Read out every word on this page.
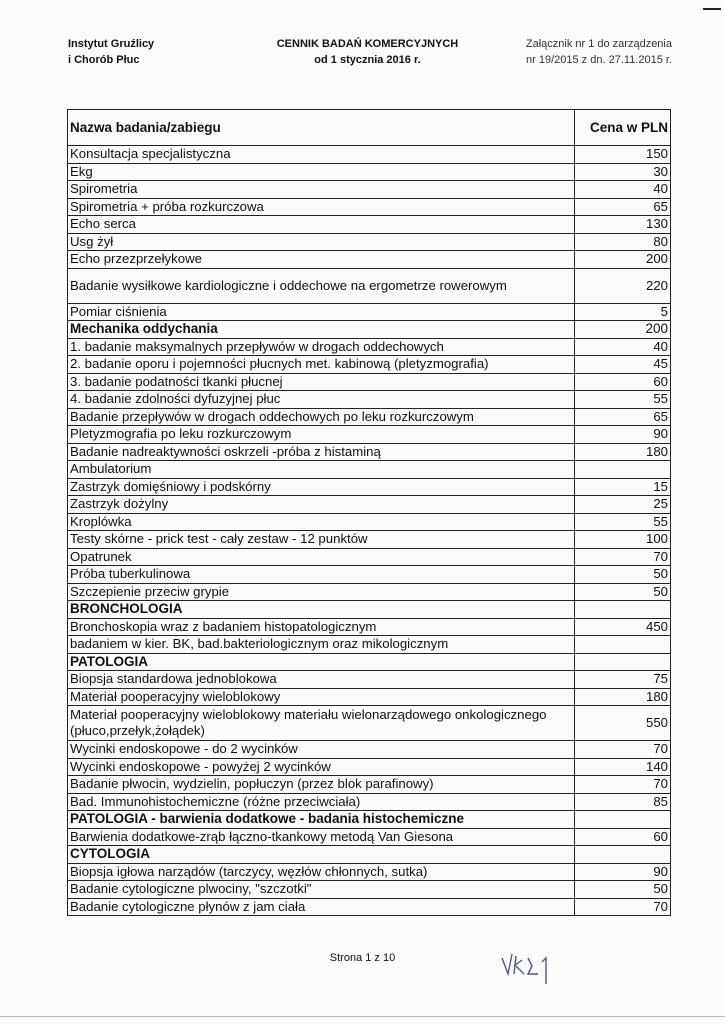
Instytut Gruźlicy
i Chorób Płuc
CENNIK BADAŃ KOMERCYJNYCH
od 1 stycznia 2016 r.
Załącznik nr 1 do zarządzenia
nr 19/2015 z dn. 27.11.2015 r.
Nazwa badania/zabiegu	Cena w PLN
Konsultacja specjalistyczna	150
Ekg	30
Spirometria	40
Spirometria + próba rozkurczowa	65
Echo serca	130
Usg żył	80
Echo przezprzełykowe	200
Badanie wysiłkowe kardiologiczne i oddechowe na ergometrze rowerowym	220
Pomiar ciśnienia	5
Mechanika oddychania	200
1. badanie maksymalnych przepływów w drogach oddechowych	40
2. badanie oporu i pojemności płucnych met. kabinową (pletyzmografia)	45
3. badanie podatności tkanki płucnej	60
4. badanie zdolności dyfuzyjnej płuc	55
Badanie przepływów w drogach oddechowych po leku rozkurczowym	65
Pletyzmografia po leku rozkurczowym	90
Badanie nadreaktywności oskrzeli -próba z histaminą	180
Ambulatorium	
Zastrzyk domięśniowy i podskórny	15
Zastrzyk dożylny	25
Kroplówka	55
Testy skórne - prick test - cały zestaw - 12 punktów	100
Opatrunek	70
Próba tuberkulinowa	50
Szczepienie przeciw grypie	50
BRONCHOLOGIA	
Bronchoskopia wraz z badaniem histopatologicznym	450
badaniem w kier. BK, bad.bakteriologicznym oraz mikologicznym	
PATOLOGIA	
Biopsja standardowa jednoblokowa	75
Materiał pooperacyjny wieloblokowy	180
Materiał pooperacyjny wieloblokowy materiału wielonarządowego onkologicznego (płuco,przełyk,żołądek)	550
Wycinki endoskopowe - do 2 wycinków	70
Wycinki endoskopowe - powyżej 2 wycinków	140
Badanie płwocin, wydzielin, popłuczyn (przez blok parafinowy)	70
Bad. Immunohistochemiczne (różne przeciwciała)	85
PATOLOGIA - barwienia dodatkowe - badania histochemiczne	
Barwienia dodatkowe-zrąb łączno-tkankowy metodą Van Giesona	60
CYTOLOGIA	
Biopsja igłowa narządów (tarczycy, węzłów chłonnych, sutka)	90
Badanie cytologiczne plwociny, "szczotki"	50
Badanie cytologiczne płynów z jam ciała	70
Strona 1 z 10
